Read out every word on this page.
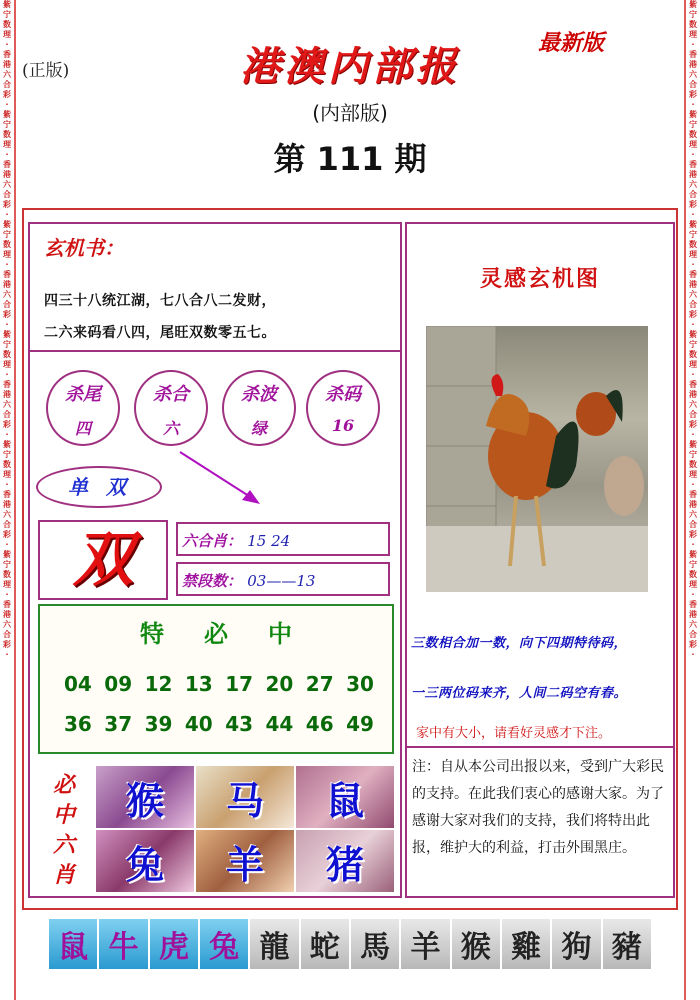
紫宁数理·香港六合彩·紫宁数理·香港六合彩·紫宁数理·香港六合彩·紫宁数理·香港六合彩·紫宁数理·香港六合彩·紫宁数理·香港六合彩·
紫宁数理·香港六合彩·紫宁数理·香港六合彩·紫宁数理·香港六合彩·紫宁数理·香港六合彩·紫宁数理·香港六合彩·紫宁数理·香港六合彩·
(正版)
最新版
港澳内部报
(内部版)
第 111 期
玄机书：
四三十八统江湖，七八合八二发财，
二六来码看八四，尾旺双数零五七。
杀尾
四
杀合
六
杀波
绿
杀码
16
单双
双	六合肖： 15 24
禁段数： 03——13
特必中
04 09 12 13 17 20 27 30
36 37 39 40 43 44 46 49
必中六肖
猴	马	鼠
兔	羊	猪
灵感玄机图
三数相合加一数，向下四期特待码，
一三两位码来齐，人间二码空有春。
家中有大小，请看好灵感才下注。
注：自从本公司出报以来，受到广大彩民的支持。在此我们衷心的感谢大家。为了感谢大家对我们的支持，我们将特出此报，维护大的利益，打击外围黑庄。
鼠 牛 虎 兔 龍 蛇 馬 羊 猴 雞 狗 豬
